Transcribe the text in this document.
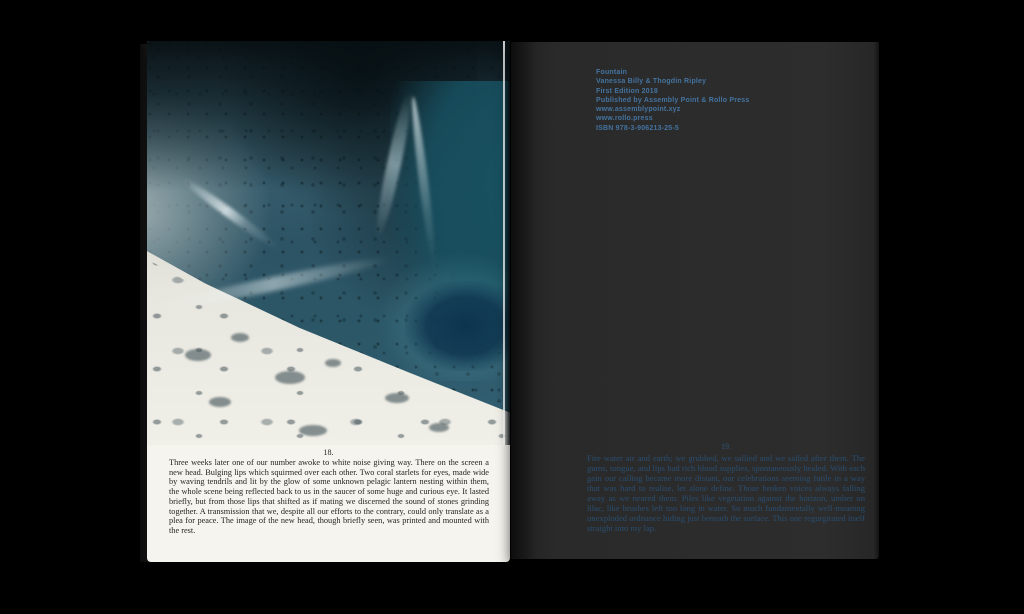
18.
Three weeks later one of our number awoke to white noise giving way. There on the screen a new head. Bulging lips which squirmed over each other. Two coral starlets for eyes, made wide by waving tendrils and lit by the glow of some unknown pelagic lantern nesting within them, the whole scene being reflected back to us in the saucer of some huge and curious eye. It lasted briefly, but from those lips that shifted as if mating we discerned the sound of stones grinding together. A transmission that we, despite all our efforts to the contrary, could only translate as a plea for peace. The image of the new head, though briefly seen, was printed and mounted with the rest.
Fountain
Vanessa Billy & Thogdin Ripley
First Edition 2018
Published by Assembly Point & Rollo Press
www.assemblypoint.xyz
www.rollo.press
ISBN 978-3-906213-25-5
19.
Fire water air and earth; we grubbed, we sallied and we sailed after them. The gums, tongue, and lips had rich blood supplies, spontaneously healed. With each gain our calling became more distant, our celebrations seeming futile in a way that was hard to realise, let alone define. Those broken voices always falling away as we neared them. Piles like vegetation against the horizon, umber on lilac, like brushes left too long in water. So much fundamentally well-meaning unexploded ordnance hiding just beneath the surface. This one regurgitated itself straight into my lap.
